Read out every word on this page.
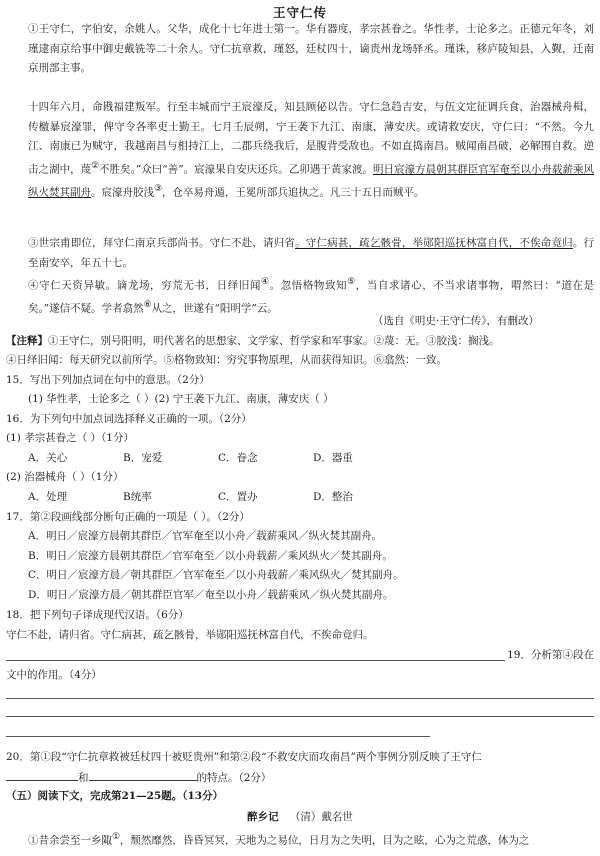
王守仁传
①王守仁，字伯安，余姚人。父华，成化十七年进士第一。华有器度，孝宗甚眷之。华性孝，士论多之。正德元年冬，刘瑾逮南京给事中御史戴铣等二十余人。守仁抗章救，瑾怒，廷杖四十，谪贵州龙场驿丞。瑾诛，移庐陵知县，入觐，迁南京刑部主事。
十四年六月，命戡福建叛军。行至丰城而宁王宸濠反，知县顾佖以告。守仁急趋吉安，与伍文定征调兵食，治器械舟楫，传檄暴宸濠罪，俾守令各率吏士勤王。七月壬辰朔，宁王袭下九江、南康，薄安庆。或请救安庆，守仁曰：“不然。今九江、南康已为贼守，我越南昌与相持江上，二郡兵绕我后，是腹背受敌也。不如直捣南昌。贼闻南昌破，必解围自救。逆击之湖中，蔑②不胜矣。”众曰“善”。宸濠果自安庆还兵。乙卯遇于黄家渡。明日宸濠方晨朝其群臣官军奄至以小舟载薪乘风纵火焚其副舟。宸濠舟胶浅③，仓卒易舟遁，王冕所部兵追执之。凡三十五日而贼平。
③世宗甫即位，拜守仁南京兵部尚书。守仁不赴，请归省。守仁病甚，疏乞骸骨，举郧阳巡抚林富自代，不俟命竟归。行至南安卒，年五十七。
④守仁天资异敏。谪龙场，穷荒无书，日绎旧闻④。忽悟格物致知⑤，当自求诸心，不当求诸事物，喟然曰：“道在是矣。”遂信不疑。学者翕然⑥从之，世遂有“阳明学”云。
（选自《明史·王守仁传》，有删改）
【注释】①王守仁，别号阳明，明代著名的思想家、文学家、哲学家和军事家。②蔑：无。③胶浅：搁浅。
④日绎旧闻：每天研究以前所学。⑤格物致知：穷究事物原理，从而获得知识。⑥翕然：一致。
15．写出下列加点词在句中的意思。（2分）
(1) 华性孝，士论多之（ ）(2) 宁王袭下九江、南康，薄安庆（ ）
16．为下列句中加点词选择释义正确的一项。（2分）
(1) 孝宗甚眷之（ ）（1分）
A．关心	B．宠爱	C．眷念	D．器重
(2) 治器械舟（ ）（1分）
A．处理	B统率	C．置办	D．整治
17．第②段画线部分断句正确的一项是（ ）。（2分）
A．明日／宸濠方晨朝其群臣／官军奄至以小舟／载薪乘风／纵火焚其副舟。
B．明日／宸濠方晨朝其群臣／官军奄至／以小舟载薪／乘风纵火／焚其副舟。
C．明日／宸濠方晨／朝其群臣／官军奄至／以小舟载薪／乘风纵火／焚其副舟。
D．明日／宸濠方晨／朝其群臣官军／奄至以小舟／载薪乘风／纵火焚其副舟。
18．把下列句子译成现代汉语。（6分）
守仁不赴，请归省。守仁病甚，疏乞骸骨，举郧阳巡抚林富自代，不俟命竟归。
19．分析第④段在
文中的作用。（4分）
20．第①段“守仁抗章救被廷杖四十被贬贵州”和第②段“不救安庆而攻南昌”两个事例分别反映了王守仁
和	的特点。（2分）
（五）阅读下文，完成第21—25题。（13分）
醉乡记 （清）戴名世
①昔余尝至一乡陬①，颓然靡然，昏昏冥冥，天地为之易位，日月为之失明，目为之眩，心为之荒惑，体为之
